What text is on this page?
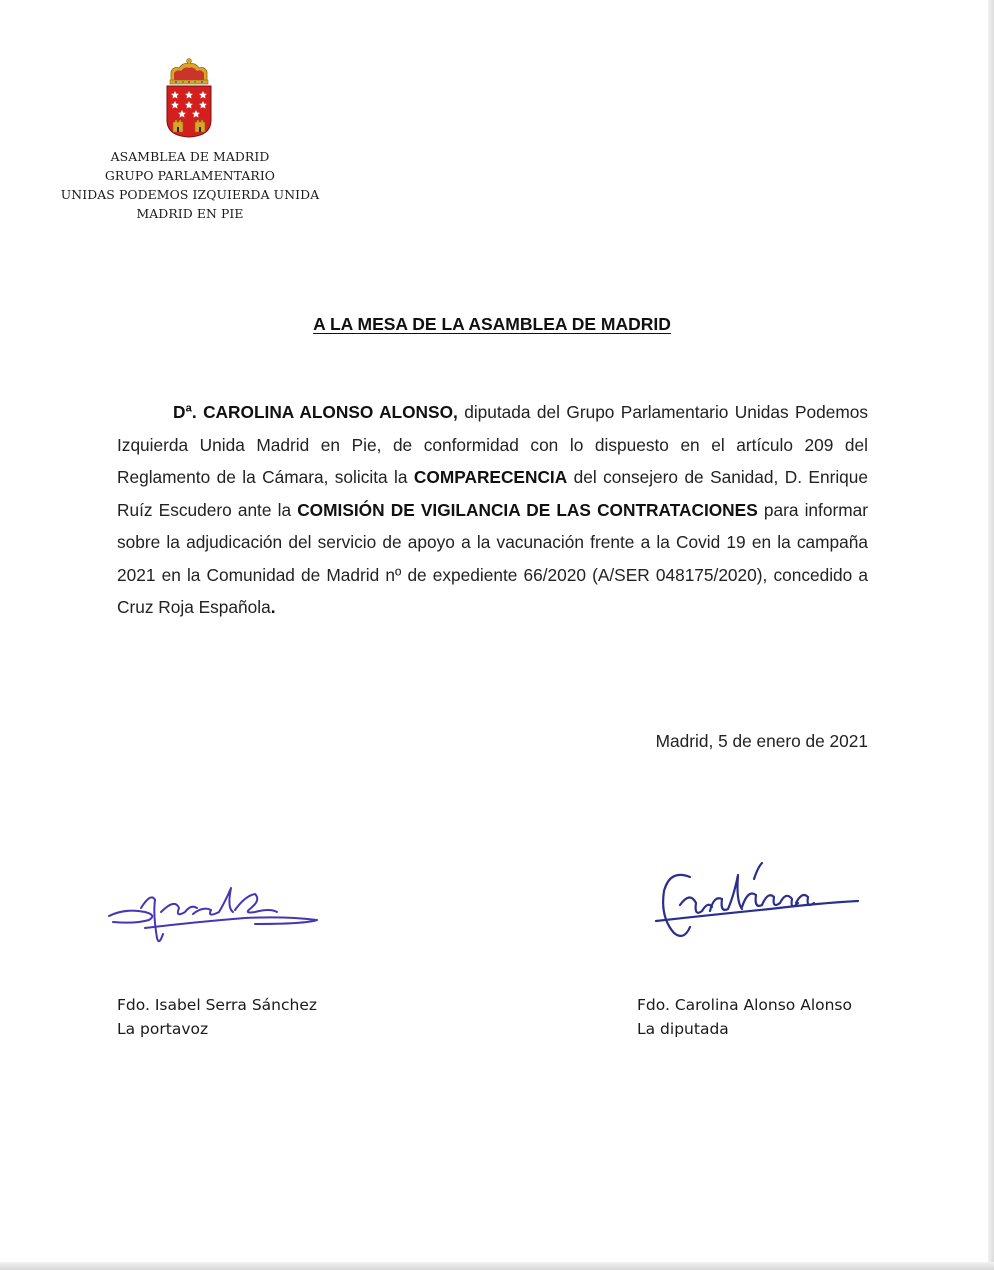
ASAMBLEA DE MADRID
GRUPO PARLAMENTARIO
UNIDAS PODEMOS IZQUIERDA UNIDA
MADRID EN PIE
A LA MESA DE LA ASAMBLEA DE MADRID
Dª. CAROLINA ALONSO ALONSO, diputada del Grupo Parlamentario Unidas Podemos Izquierda Unida Madrid en Pie, de conformidad con lo dispuesto en el artículo 209 del Reglamento de la Cámara, solicita la COMPARECENCIA del consejero de Sanidad, D. Enrique Ruíz Escudero ante la COMISIÓN DE VIGILANCIA DE LAS CONTRATACIONES para informar sobre la adjudicación del servicio de apoyo a la vacunación frente a la Covid 19 en la campaña 2021 en la Comunidad de Madrid nº de expediente 66/2020 (A/SER 048175/2020), concedido a Cruz Roja Española.
Madrid, 5 de enero de 2021
Fdo. Isabel Serra Sánchez
La portavoz
Fdo. Carolina Alonso Alonso
La diputada
